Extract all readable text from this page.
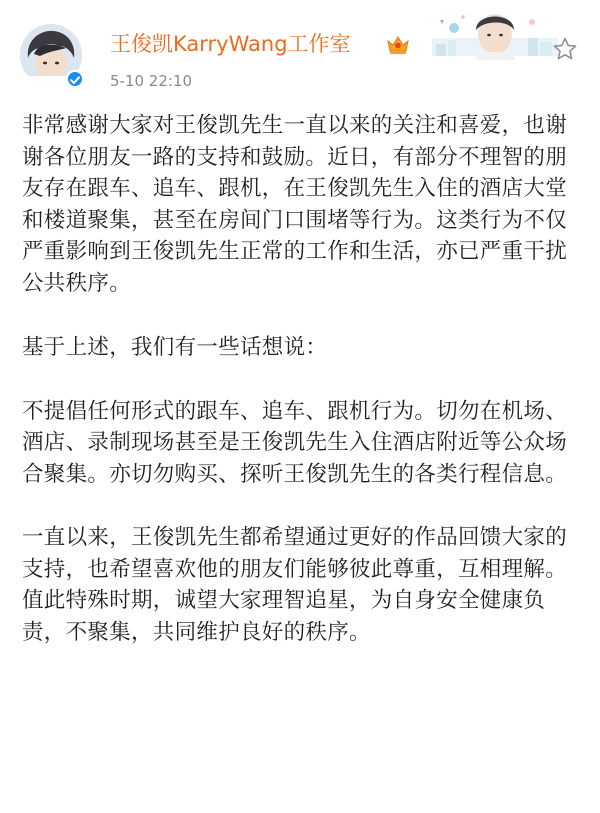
王俊凯KarryWang工作室
5-10 22:10

非常感谢大家对王俊凯先生一直以来的关注和喜爱，也谢谢各位朋友一路的支持和鼓励。近日，有部分不理智的朋友存在跟车、追车、跟机，在王俊凯先生入住的酒店大堂和楼道聚集，甚至在房间门口围堵等行为。这类行为不仅严重影响到王俊凯先生正常的工作和生活，亦已严重干扰公共秩序。

基于上述，我们有一些话想说：

不提倡任何形式的跟车、追车、跟机行为。切勿在机场、酒店、录制现场甚至是王俊凯先生入住酒店附近等公众场合聚集。亦切勿购买、探听王俊凯先生的各类行程信息。

一直以来，王俊凯先生都希望通过更好的作品回馈大家的支持，也希望喜欢他的朋友们能够彼此尊重，互相理解。值此特殊时期，诚望大家理智追星，为自身安全健康负责，不聚集，共同维护良好的秩序。
